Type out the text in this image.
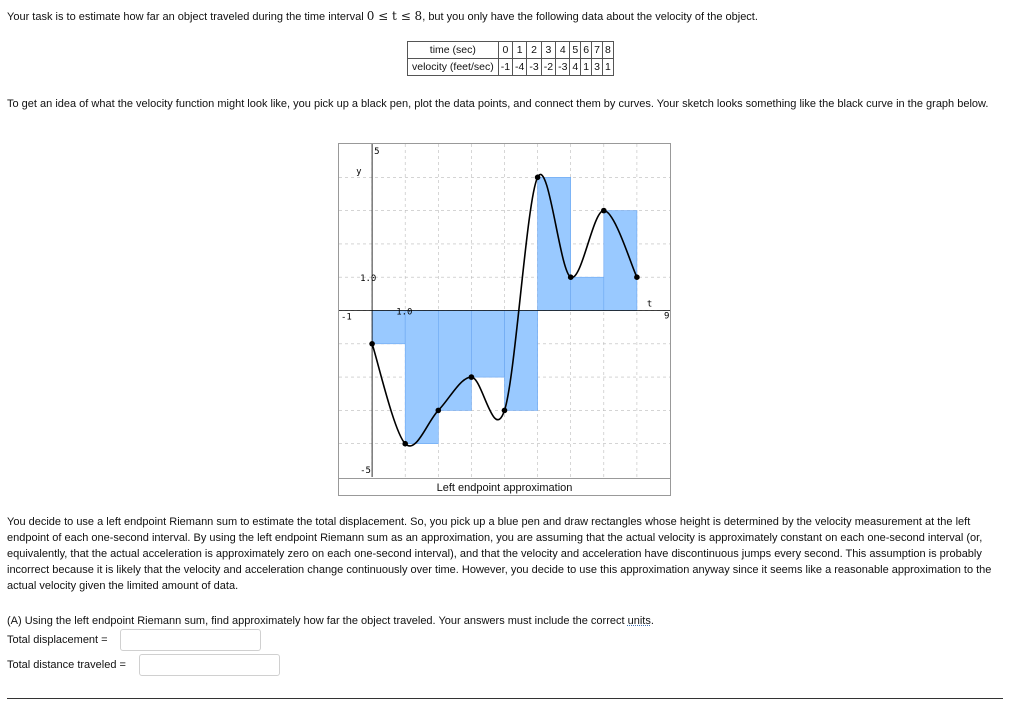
Your task is to estimate how far an object traveled during the time interval 0 ≤ t ≤ 8, but you only have the following data about the velocity of the object.

time (sec)	0	1	2	3	4	5	6	7	8
velocity (feet/sec)	-1	-4	-3	-2	-3	4	1	3	1

To get an idea of what the velocity function might look like, you pick up a black pen, plot the data points, and connect them by curves. Your sketch looks something like the black curve in the graph below.

y
t
5
1.0
1.0
-5
-1	9
Left endpoint approximation

You decide to use a left endpoint Riemann sum to estimate the total displacement. So, you pick up a blue pen and draw rectangles whose height is determined by the velocity measurement at the left endpoint of each one-second interval. By using the left endpoint Riemann sum as an approximation, you are assuming that the actual velocity is approximately constant on each one-second interval (or, equivalently, that the actual acceleration is approximately zero on each one-second interval), and that the velocity and acceleration have discontinuous jumps every second. This assumption is probably incorrect because it is likely that the velocity and acceleration change continuously over time. However, you decide to use this approximation anyway since it seems like a reasonable approximation to the actual velocity given the limited amount of data.

(A) Using the left endpoint Riemann sum, find approximately how far the object traveled. Your answers must include the correct units.
Total displacement =
Total distance traveled =
